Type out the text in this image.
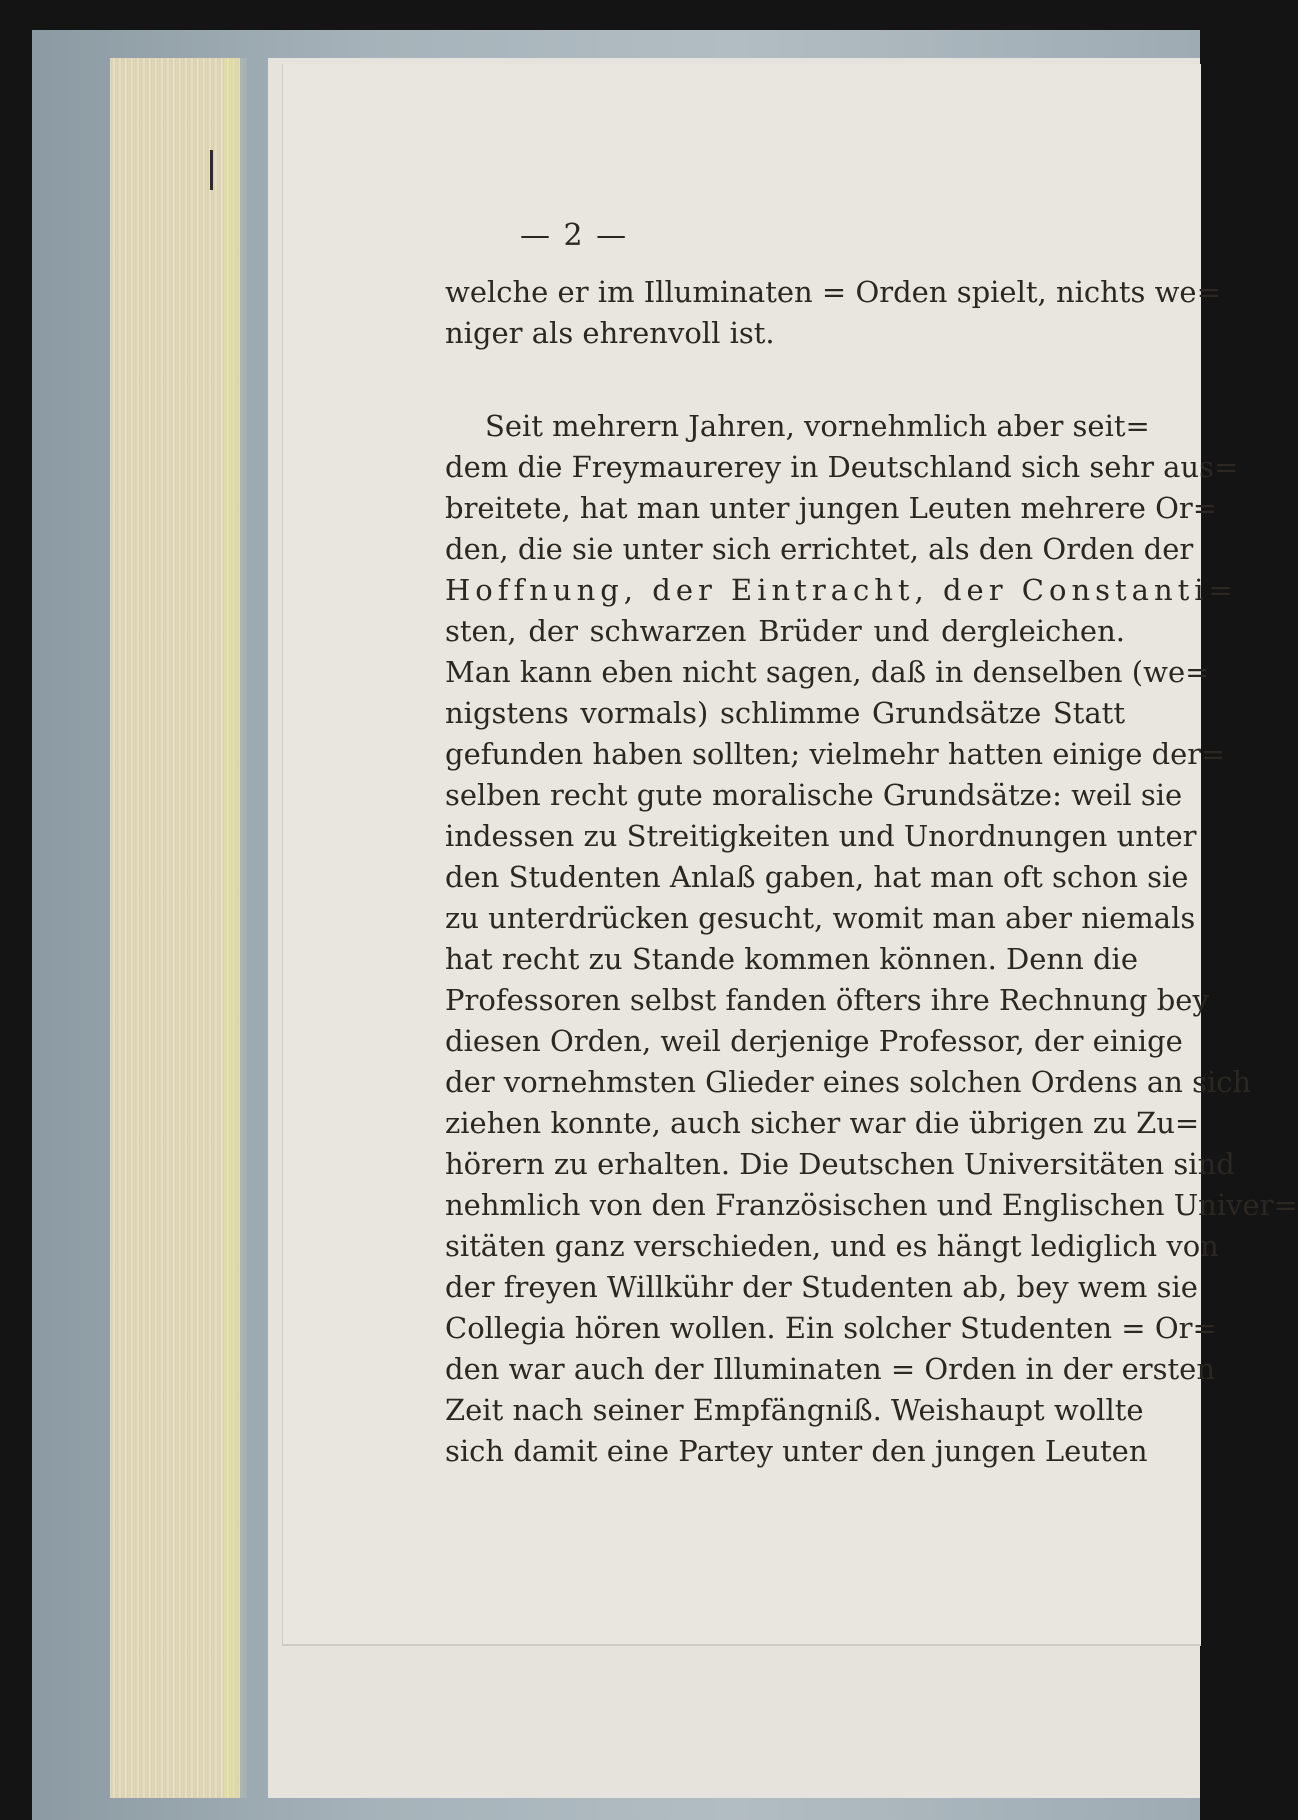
— 2 —
welche er im Illuminaten = Orden spielt, nichts we=
niger als ehrenvoll ist.
Seit mehrern Jahren, vornehmlich aber seit=
dem die Freymaurerey in Deutschland sich sehr aus=
breitete, hat man unter jungen Leuten mehrere Or=
den, die sie unter sich errichtet, als den Orden der
Hoffnung, der Eintracht, der Constanti=
sten, der schwarzen Brüder und dergleichen.
Man kann eben nicht sagen, daß in denselben (we=
nigstens vormals) schlimme Grundsätze Statt
gefunden haben sollten; vielmehr hatten einige der=
selben recht gute moralische Grundsätze: weil sie
indessen zu Streitigkeiten und Unordnungen unter
den Studenten Anlaß gaben, hat man oft schon sie
zu unterdrücken gesucht, womit man aber niemals
hat recht zu Stande kommen können. Denn die
Professoren selbst fanden öfters ihre Rechnung bey
diesen Orden, weil derjenige Professor, der einige
der vornehmsten Glieder eines solchen Ordens an sich
ziehen konnte, auch sicher war die übrigen zu Zu=
hörern zu erhalten. Die Deutschen Universitäten sind
nehmlich von den Französischen und Englischen Univer=
sitäten ganz verschieden, und es hängt lediglich von
der freyen Willkühr der Studenten ab, bey wem sie
Collegia hören wollen. Ein solcher Studenten = Or=
den war auch der Illuminaten = Orden in der ersten
Zeit nach seiner Empfängniß. Weishaupt wollte
sich damit eine Partey unter den jungen Leuten
